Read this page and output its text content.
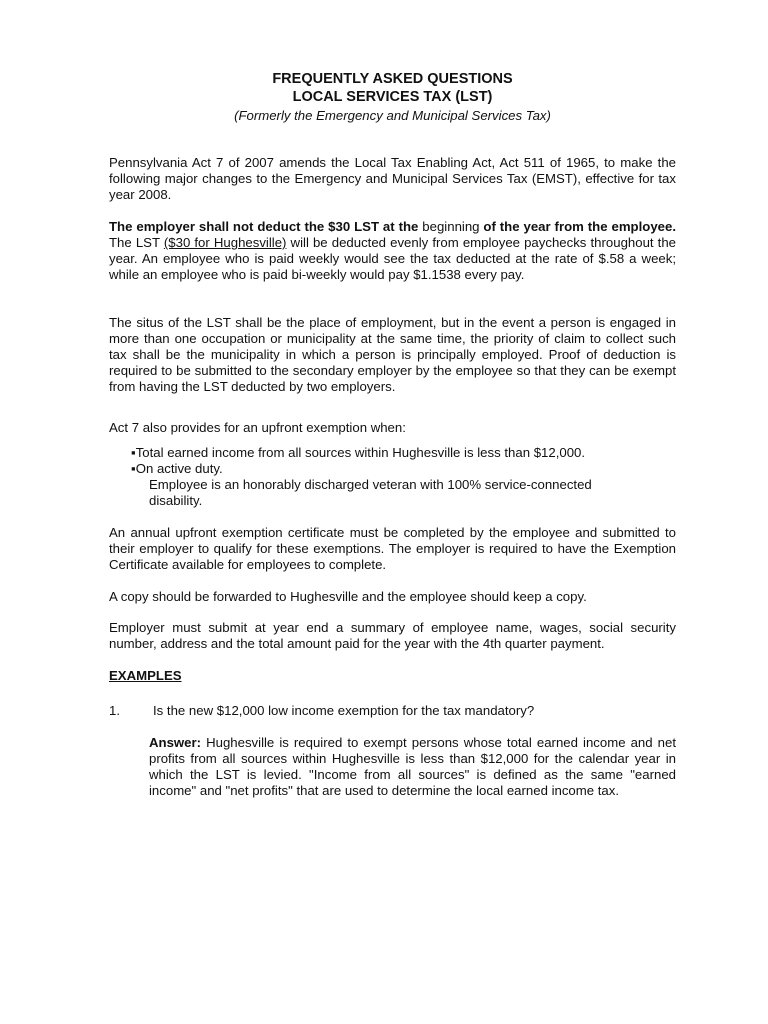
FREQUENTLY ASKED QUESTIONS
LOCAL SERVICES TAX (LST)
(Formerly the Emergency and Municipal Services Tax)
Pennsylvania Act 7 of 2007 amends the Local Tax Enabling Act, Act 511 of 1965, to make the following major changes to the Emergency and Municipal Services Tax (EMST), effective for tax year 2008.
The employer shall not deduct the $30 LST at the beginning of the year from the employee. The LST ($30 for Hughesville) will be deducted evenly from employee paychecks throughout the year. An employee who is paid weekly would see the tax deducted at the rate of $.58 a week; while an employee who is paid bi-weekly would pay $1.1538 every pay.
The situs of the LST shall be the place of employment, but in the event a person is engaged in more than one occupation or municipality at the same time, the priority of claim to collect such tax shall be the municipality in which a person is principally employed. Proof of deduction is required to be submitted to the secondary employer by the employee so that they can be exempt from having the LST deducted by two employers.
Act 7 also provides for an upfront exemption when:
▪Total earned income from all sources within Hughesville is less than $12,000.
▪On active duty.
Employee is an honorably discharged veteran with 100% service-connected disability.
An annual upfront exemption certificate must be completed by the employee and submitted to their employer to qualify for these exemptions. The employer is required to have the Exemption Certificate available for employees to complete.
A copy should be forwarded to Hughesville and the employee should keep a copy.
Employer must submit at year end a summary of employee name, wages, social security number, address and the total amount paid for the year with the 4th quarter payment.
EXAMPLES
1.	Is the new $12,000 low income exemption for the tax mandatory?
Answer: Hughesville is required to exempt persons whose total earned income and net profits from all sources within Hughesville is less than $12,000 for the calendar year in which the LST is levied. "Income from all sources" is defined as the same "earned income" and "net profits" that are used to determine the local earned income tax.
